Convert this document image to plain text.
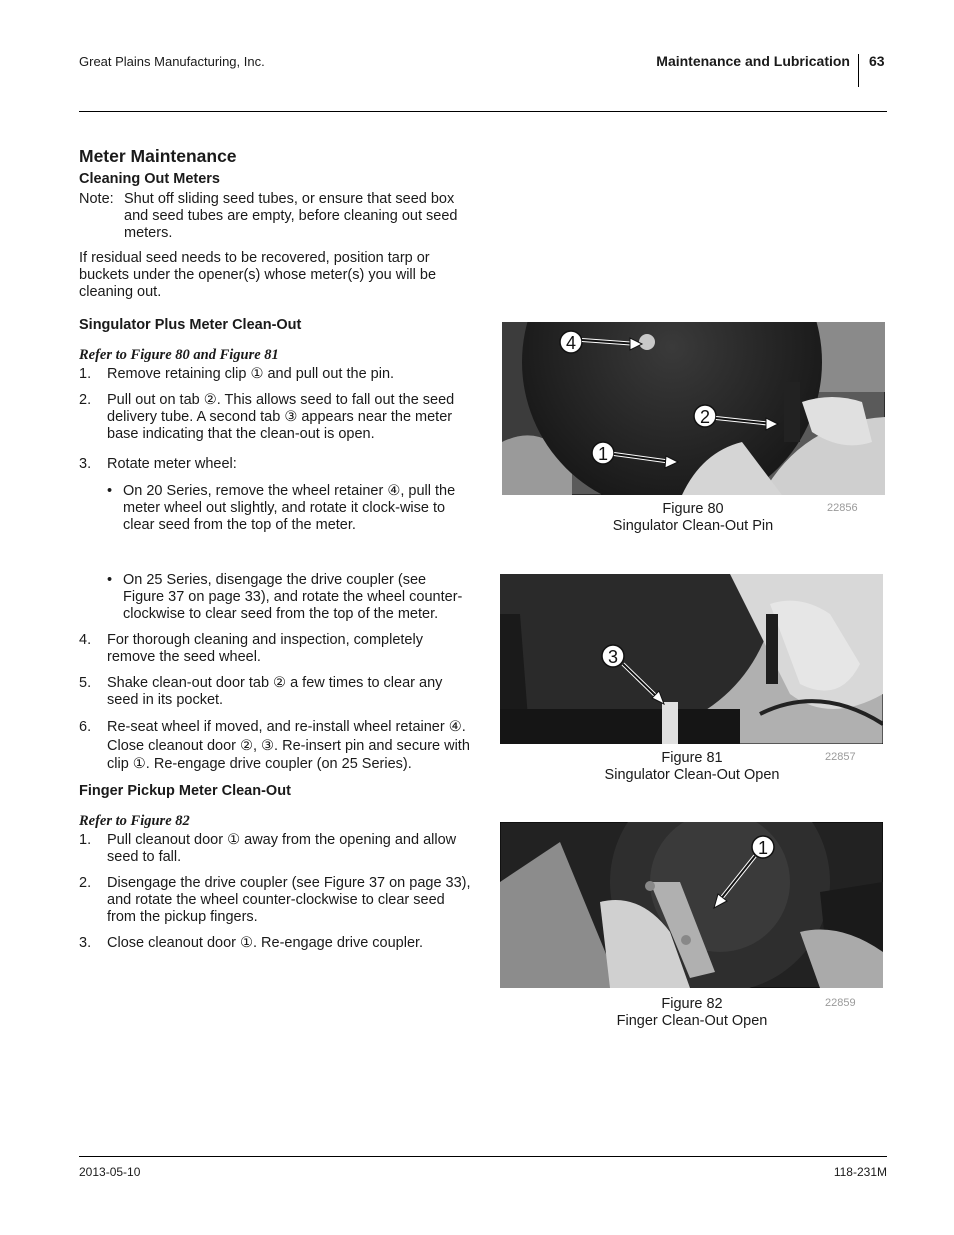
Great Plains Manufacturing, Inc.	Maintenance and Lubrication 63
Meter Maintenance
Cleaning Out Meters
Note: Shut off sliding seed tubes, or ensure that seed box and seed tubes are empty, before cleaning out seed meters.
If residual seed needs to be recovered, position tarp or buckets under the opener(s) whose meter(s) you will be cleaning out.
Singulator Plus Meter Clean-Out
Refer to Figure 80 and Figure 81
1.	Remove retaining clip ① and pull out the pin.
2.	Pull out on tab ②. This allows seed to fall out the seed delivery tube. A second tab ③ appears near the meter base indicating that the clean-out is open.
3.	Rotate meter wheel:
• On 20 Series, remove the wheel retainer ④, pull the meter wheel out slightly, and rotate it clock-wise to clear seed from the top of the meter.
• On 25 Series, disengage the drive coupler (see Figure 37 on page 33), and rotate the wheel counter-clockwise to clear seed from the top of the meter.
4.	For thorough cleaning and inspection, completely remove the seed wheel.
5.	Shake clean-out door tab ② a few times to clear any seed in its pocket.
6.	Re-seat wheel if moved, and re-install wheel retainer ④. Close cleanout door ②, ③. Re-insert pin and secure with clip ①. Re-engage drive coupler (on 25 Series).
Finger Pickup Meter Clean-Out
Refer to Figure 82
1.	Pull cleanout door ① away from the opening and allow seed to fall.
2.	Disengage the drive coupler (see Figure 37 on page 33), and rotate the wheel counter-clockwise to clear seed from the pickup fingers.
3.	Close cleanout door ①. Re-engage drive coupler.
4
2
1
Figure 80
Singulator Clean-Out Pin
22856
3
Figure 81
Singulator Clean-Out Open
22857
1
Figure 82
Finger Clean-Out Open
22859
2013-05-10	118-231M
